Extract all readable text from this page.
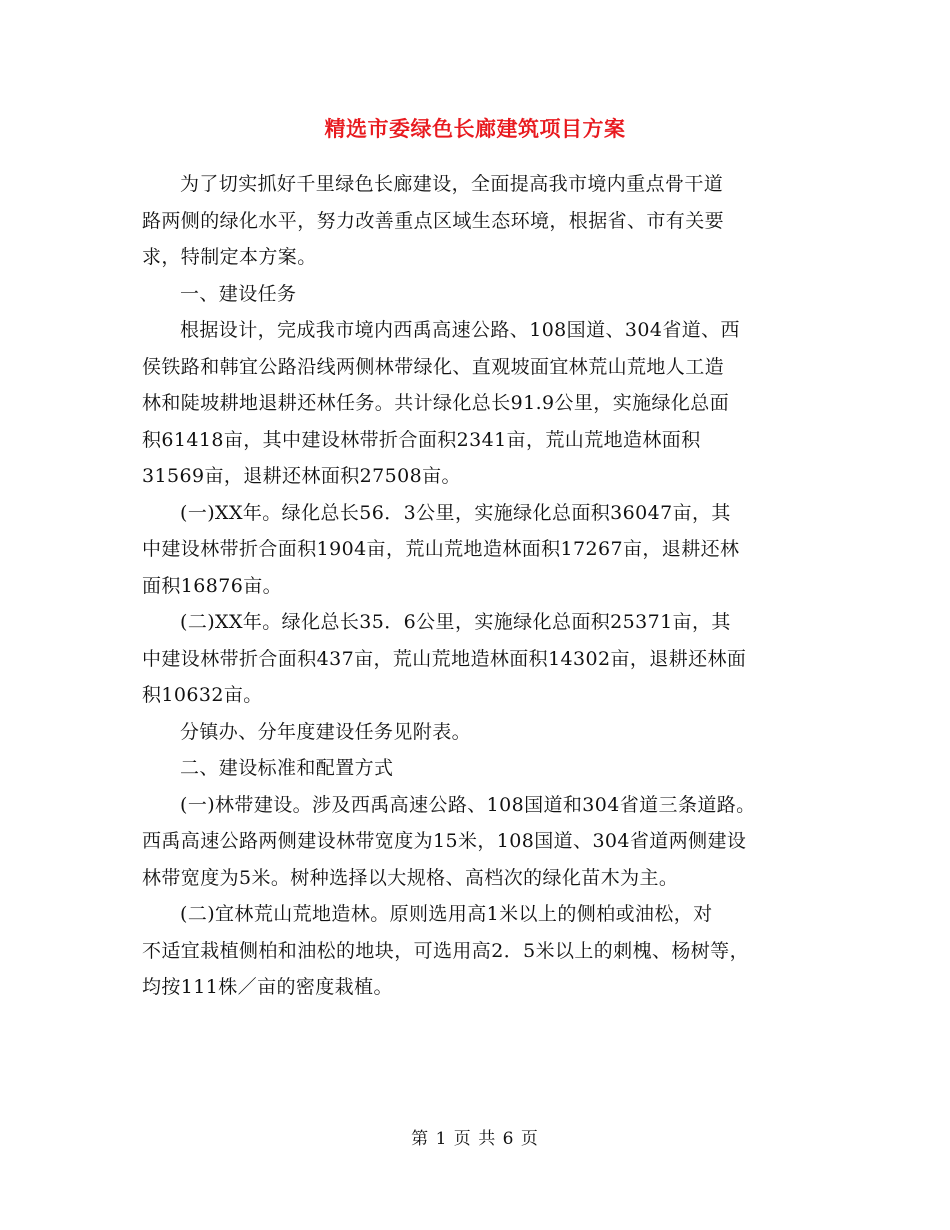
精选市委绿色长廊建筑项目方案

为了切实抓好千里绿色长廊建设，全面提高我市境内重点骨干道
路两侧的绿化水平，努力改善重点区域生态环境，根据省、市有关要
求，特制定本方案。

一、建设任务

根据设计，完成我市境内西禹高速公路、108国道、304省道、西
侯铁路和韩宜公路沿线两侧林带绿化、直观坡面宜林荒山荒地人工造
林和陡坡耕地退耕还林任务。共计绿化总长91.9公里，实施绿化总面
积61418亩，其中建设林带折合面积2341亩，荒山荒地造林面积
31569亩，退耕还林面积27508亩。

(一)XX年。绿化总长56．3公里，实施绿化总面积36047亩，其
中建设林带折合面积1904亩，荒山荒地造林面积17267亩，退耕还林
面积16876亩。

(二)XX年。绿化总长35．6公里，实施绿化总面积25371亩，其
中建设林带折合面积437亩，荒山荒地造林面积14302亩，退耕还林面
积10632亩。

分镇办、分年度建设任务见附表。

二、建设标准和配置方式

(一)林带建设。涉及西禹高速公路、108国道和304省道三条道路。
西禹高速公路两侧建设林带宽度为15米，108国道、304省道两侧建设
林带宽度为5米。树种选择以大规格、高档次的绿化苗木为主。

(二)宜林荒山荒地造林。原则选用高1米以上的侧柏或油松，对
不适宜栽植侧柏和油松的地块，可选用高2．5米以上的刺槐、杨树等，
均按111株／亩的密度栽植。

第 1 页 共 6 页
